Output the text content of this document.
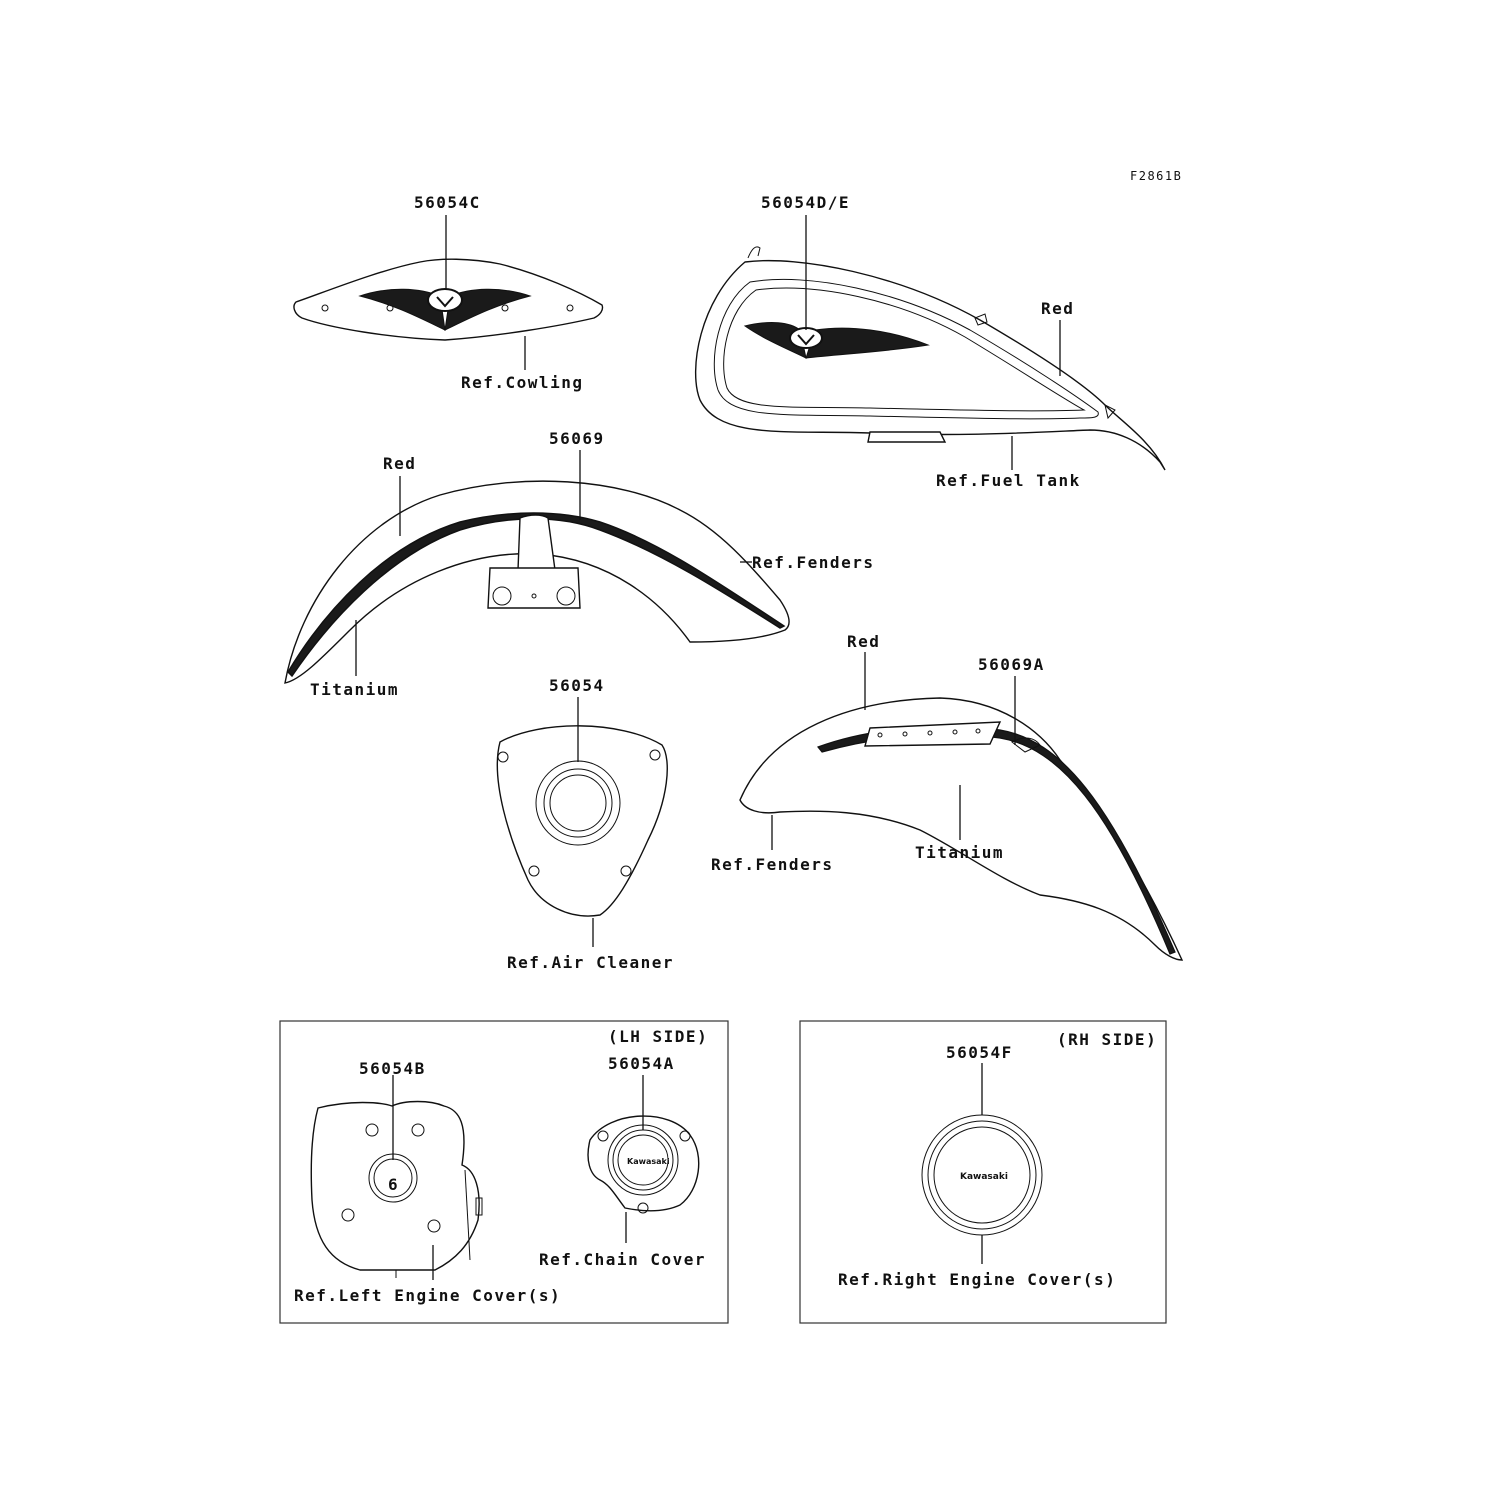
F2861B
56054C
Ref.Cowling
56054D/E
Red
Ref.Fuel Tank
56069
Red
Ref.Fenders
Titanium	56054
Ref.Air Cleaner
56069A
Red
Titanium
Ref.Fenders
(LH SIDE)
6
56054B
Ref.Left Engine Cover(s)
Kawasaki
56054A
Ref.Chain Cover
(RH SIDE)
Kawasaki
56054F
Ref.Right Engine Cover(s)
